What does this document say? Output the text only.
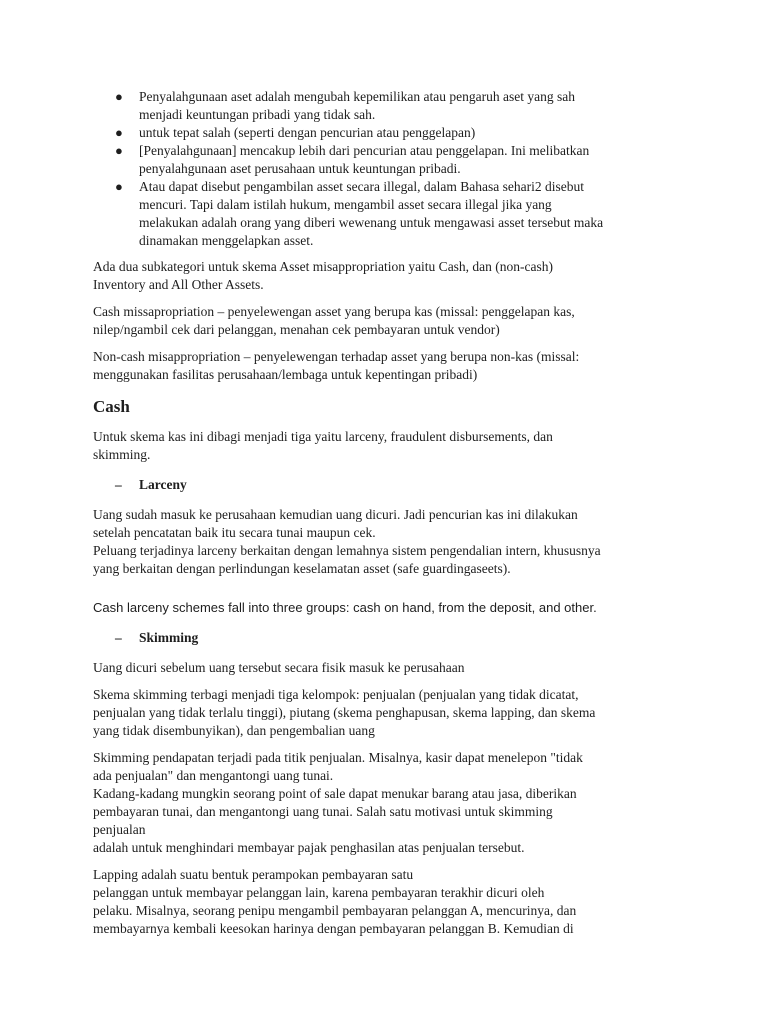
● Penyalahgunaan aset adalah mengubah kepemilikan atau pengaruh aset yang sah
menjadi keuntungan pribadi yang tidak sah.
● untuk tepat salah (seperti dengan pencurian atau penggelapan)
● [Penyalahgunaan] mencakup lebih dari pencurian atau penggelapan. Ini melibatkan
penyalahgunaan aset perusahaan untuk keuntungan pribadi.
● Atau dapat disebut pengambilan asset secara illegal, dalam Bahasa sehari2 disebut
mencuri. Tapi dalam istilah hukum, mengambil asset secara illegal jika yang
melakukan adalah orang yang diberi wewenang untuk mengawasi asset tersebut maka
dinamakan menggelapkan asset.

Ada dua subkategori untuk skema Asset misappropriation yaitu Cash, dan (non-cash)
Inventory and All Other Assets.

Cash missapropriation – penyelewengan asset yang berupa kas (missal: penggelapan kas,
nilep/ngambil cek dari pelanggan, menahan cek pembayaran untuk vendor)

Non-cash misappropriation – penyelewengan terhadap asset yang berupa non-kas (missal:
menggunakan fasilitas perusahaan/lembaga untuk kepentingan pribadi)

Cash

Untuk skema kas ini dibagi menjadi tiga yaitu larceny, fraudulent disbursements, dan
skimming.

– Larceny

Uang sudah masuk ke perusahaan kemudian uang dicuri. Jadi pencurian kas ini dilakukan
setelah pencatatan baik itu secara tunai maupun cek.
Peluang terjadinya larceny berkaitan dengan lemahnya sistem pengendalian intern, khususnya
yang berkaitan dengan perlindungan keselamatan asset (safe guardingaseets).

Cash larceny schemes fall into three groups: cash on hand, from the deposit, and other.

– Skimming

Uang dicuri sebelum uang tersebut secara fisik masuk ke perusahaan

Skema skimming terbagi menjadi tiga kelompok: penjualan (penjualan yang tidak dicatat,
penjualan yang tidak terlalu tinggi), piutang (skema penghapusan, skema lapping, dan skema
yang tidak disembunyikan), dan pengembalian uang

Skimming pendapatan terjadi pada titik penjualan. Misalnya, kasir dapat menelepon "tidak
ada penjualan" dan mengantongi uang tunai.
Kadang-kadang mungkin seorang point of sale dapat menukar barang atau jasa, diberikan
pembayaran tunai, dan mengantongi uang tunai. Salah satu motivasi untuk skimming
penjualan
adalah untuk menghindari membayar pajak penghasilan atas penjualan tersebut.

Lapping adalah suatu bentuk perampokan pembayaran satu
pelanggan untuk membayar pelanggan lain, karena pembayaran terakhir dicuri oleh
pelaku. Misalnya, seorang penipu mengambil pembayaran pelanggan A, mencurinya, dan
membayarnya kembali keesokan harinya dengan pembayaran pelanggan B. Kemudian di
